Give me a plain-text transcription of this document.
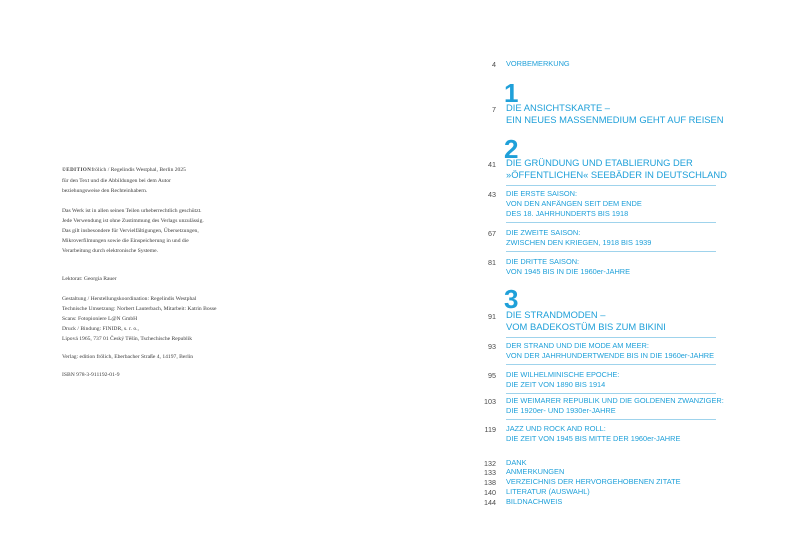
©EDITIONfrölich / Regelindis Westphal, Berlin 2025

für den Text und die Abbildungen bei dem Autor

beziehungsweise den Rechteinhabern.

Das Werk ist in allen seinen Teilen urheberrechtlich geschützt.

Jede Verwendung ist ohne Zustimmung des Verlags unzulässig.

Das gilt insbesondere für Vervielfältigungen, Übersetzungen,

Mikroverfilmungen sowie die Einspeicherung in und die

Verarbeitung durch elektronische Systeme.

Lektorat: Georgia Rauer

Gestaltung / Herstellungskoordination: Regelindis Westphal

Technische Umsetzung: Norbert Lauterbach, Mitarbeit: Katrin Bosse

Scans: Fotopioniere L@N GmbH

Druck / Bindung: FINIDR, s. r. o.,

Lipová 1965, 737 01 Český Těšín, Tschechische Republik

Verlag: edition frölich, Eberbacher Straße 4, 14197, Berlin

ISBN 978-3-911192-01-9

4 VORBEMERKUNG
1
7 DIE ANSICHTSKARTE –
EIN NEUES MASSENMEDIUM GEHT AUF REISEN
2
41 DIE GRÜNDUNG UND ETABLIERUNG DER
»ÖFFENTLICHEN« SEEBÄDER IN DEUTSCHLAND
43 DIE ERSTE SAISON:
VON DEN ANFÄNGEN SEIT DEM ENDE
DES 18. JAHRHUNDERTS BIS 1918
67 DIE ZWEITE SAISON:
ZWISCHEN DEN KRIEGEN, 1918 BIS 1939
81 DIE DRITTE SAISON:
VON 1945 BIS IN DIE 1960er-JAHRE
3
91 DIE STRANDMODEN –
VOM BADEKOSTÜM BIS ZUM BIKINI
93 DER STRAND UND DIE MODE AM MEER:
VON DER JAHRHUNDERTWENDE BIS IN DIE 1960er-JAHRE
95 DIE WILHELMINISCHE EPOCHE:
DIE ZEIT VON 1890 BIS 1914
103 DIE WEIMARER REPUBLIK UND DIE GOLDENEN ZWANZIGER:
DIE 1920er- UND 1930er-JAHRE
119 JAZZ UND ROCK AND ROLL:
DIE ZEIT VON 1945 BIS MITTE DER 1960er-JAHRE
132 DANK
133 ANMERKUNGEN
138 VERZEICHNIS DER HERVORGEHOBENEN ZITATE
140 LITERATUR (AUSWAHL)
144 BILDNACHWEIS
